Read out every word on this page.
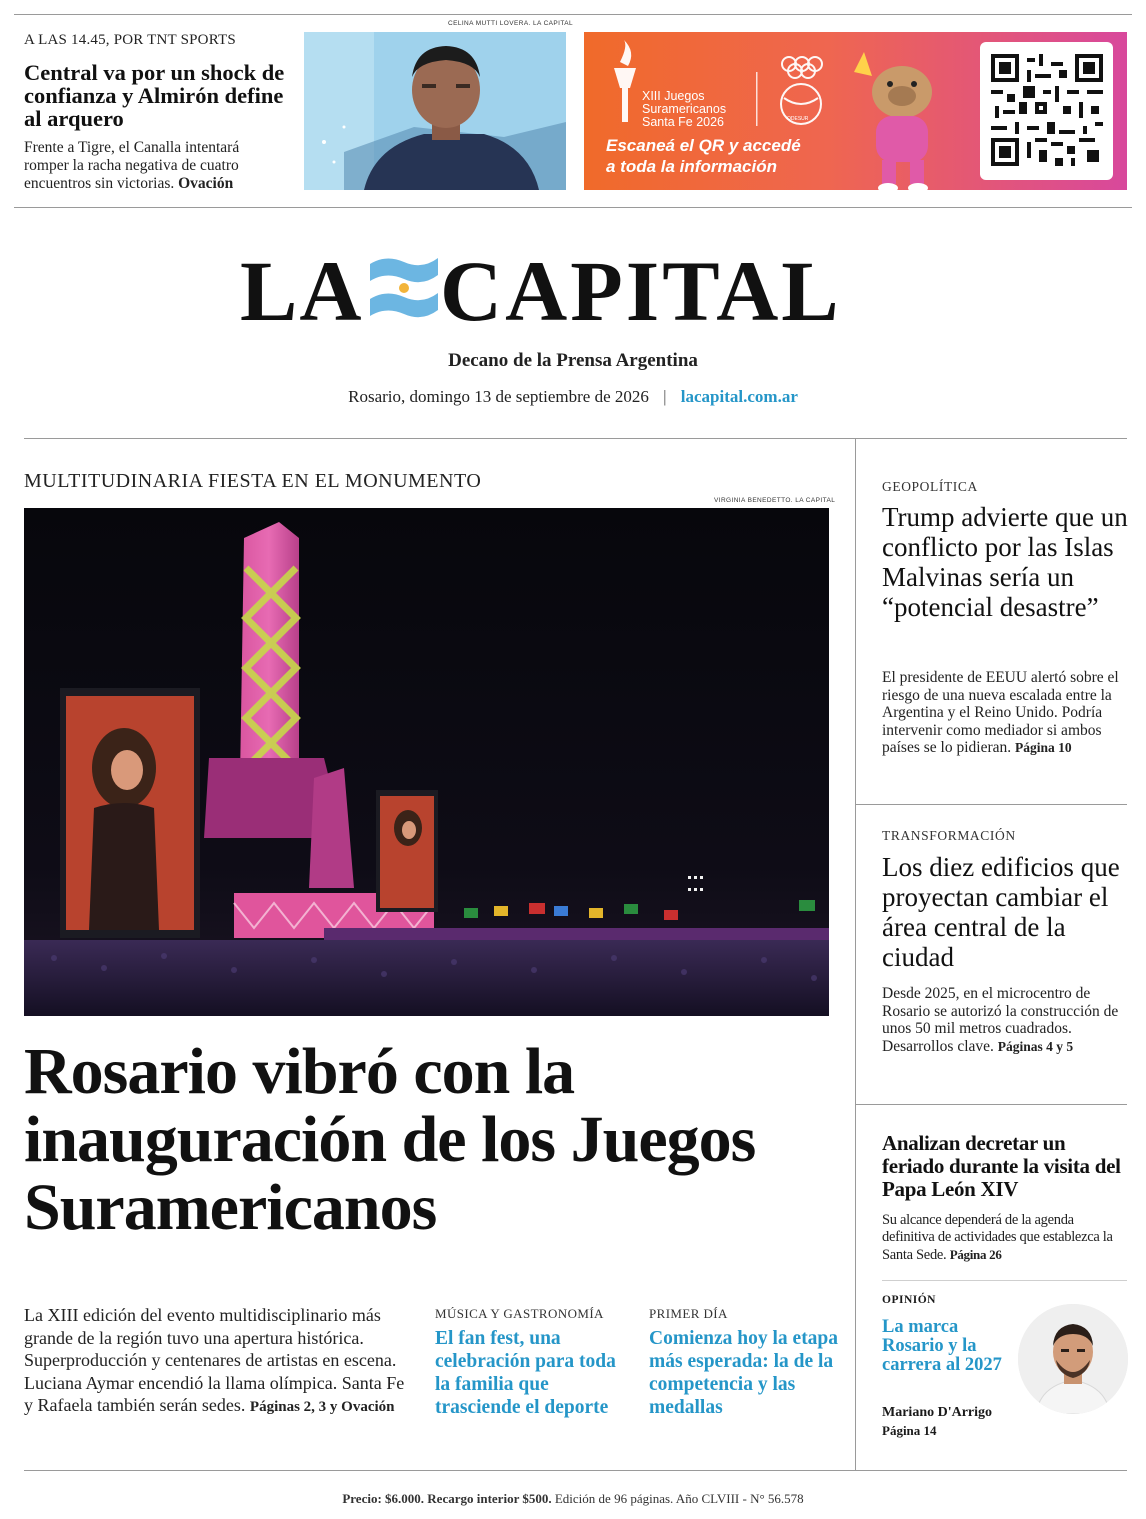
A LAS 14.45, POR TNT SPORTS
Central va por un shock de confianza y Almirón define al arquero
Frente a Tigre, el Canalla intentará romper la racha negativa de cuatro encuentros sin victorias. Ovación
CELINA MUTTI LOVERA. LA CAPITAL
XIII Juegos
Suramericanos
Santa Fe 2026	ODESUR
Escaneá el QR y accedé
a toda la información
LA CAPITAL
Decano de la Prensa Argentina
Rosario, domingo 13 de septiembre de 2026 | lacapital.com.ar
MULTITUDINARIA FIESTA EN EL MONUMENTO
VIRGINIA BENEDETTO. LA CAPITAL
Rosario vibró con la inauguración de los Juegos Suramericanos
La XIII edición del evento multidisciplinario más grande de la región tuvo una apertura histórica. Superproducción y centenares de artistas en escena. Luciana Aymar encendió la llama olímpica. Santa Fe y Rafaela también serán sedes. Páginas 2, 3 y Ovación
MÚSICA Y GASTRONOMÍA
El fan fest, una celebración para toda la familia que trasciende el deporte
PRIMER DÍA
Comienza hoy la etapa más esperada: la de la competencia y las medallas
GEOPOLÍTICA
Trump advierte que un conflicto por las Islas Malvinas sería un “potencial desastre”
El presidente de EEUU alertó sobre el riesgo de una nueva escalada entre la Argentina y el Reino Unido. Podría intervenir como mediador si ambos países se lo pidieran. Página 10
TRANSFORMACIÓN
Los diez edificios que proyectan cambiar el área central de la ciudad
Desde 2025, en el microcentro de Rosario se autorizó la construcción de unos 50 mil metros cuadrados. Desarrollos clave. Páginas 4 y 5
Analizan decretar un feriado durante la visita del Papa León XIV
Su alcance dependerá de la agenda definitiva de actividades que establezca la Santa Sede. Página 26
OPINIÓN
La marca Rosario y la carrera al 2027
Mariano D'Arrigo
Página 14
Precio: $6.000. Recargo interior $500. Edición de 96 páginas. Año CLVIII - N° 56.578
